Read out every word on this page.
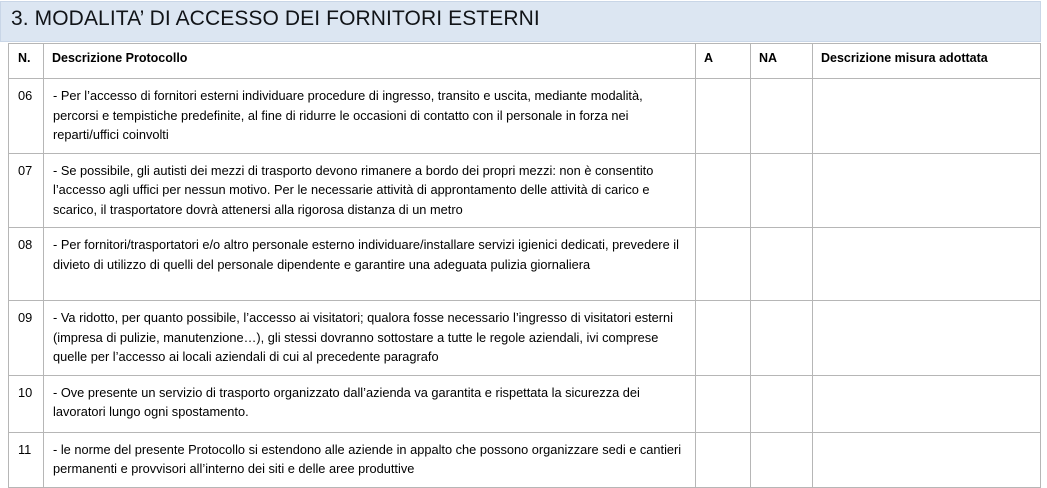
3. MODALITA’ DI ACCESSO DEI FORNITORI ESTERNI
N.	Descrizione Protocollo	A	NA	Descrizione misura adottata
06	- Per l’accesso di fornitori esterni individuare procedure di ingresso, transito e uscita, mediante modalità, percorsi e tempistiche predefinite, al fine di ridurre le occasioni di contatto con il personale in forza nei reparti/uffici coinvolti			
07	- Se possibile, gli autisti dei mezzi di trasporto devono rimanere a bordo dei propri mezzi: non è consentito l’accesso agli uffici per nessun motivo. Per le necessarie attività di approntamento delle attività di carico e scarico, il trasportatore dovrà attenersi alla rigorosa distanza di un metro			
08	- Per fornitori/trasportatori e/o altro personale esterno individuare/installare servizi igienici dedicati, prevedere il divieto di utilizzo di quelli del personale dipendente e garantire una adeguata pulizia giornaliera			
09	- Va ridotto, per quanto possibile, l’accesso ai visitatori; qualora fosse necessario l’ingresso di visitatori esterni (impresa di pulizie, manutenzione…), gli stessi dovranno sottostare a tutte le regole aziendali, ivi comprese quelle per l’accesso ai locali aziendali di cui al precedente paragrafo			
10	- Ove presente un servizio di trasporto organizzato dall’azienda va garantita e rispettata la sicurezza dei lavoratori lungo ogni spostamento.			
11	- le norme del presente Protocollo si estendono alle aziende in appalto che possono organizzare sedi e cantieri permanenti e provvisori all’interno dei siti e delle aree produttive			
